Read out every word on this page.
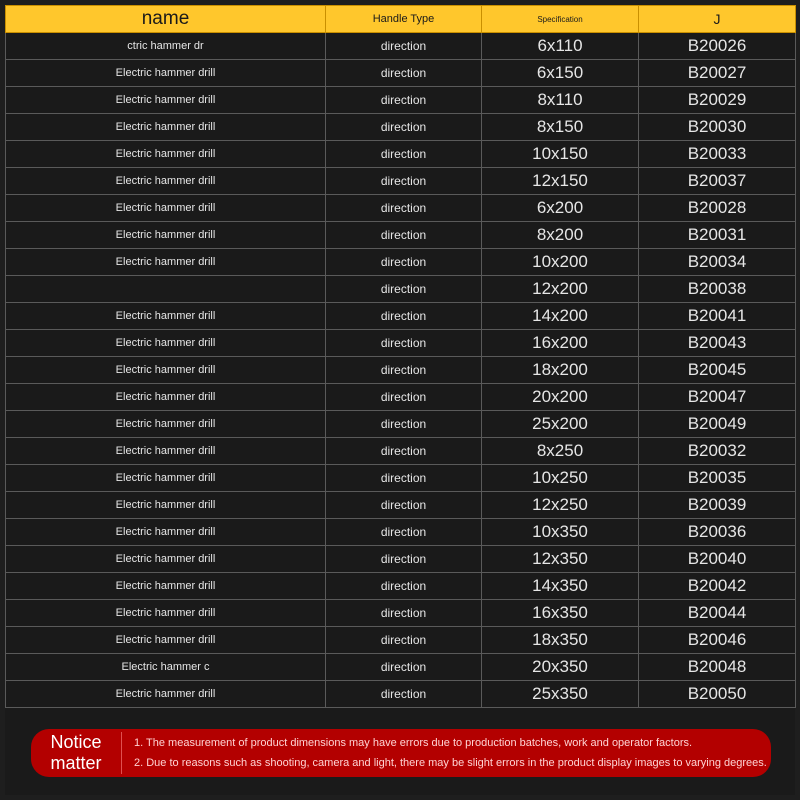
name	Handle Type	Specification	J
ctric hammer dr	direction	6x110	B20026
Electric hammer drill	direction	6x150	B20027
Electric hammer drill	direction	8x110	B20029
Electric hammer drill	direction	8x150	B20030
Electric hammer drill	direction	10x150	B20033
Electric hammer drill	direction	12x150	B20037
Electric hammer drill	direction	6x200	B20028
Electric hammer drill	direction	8x200	B20031
Electric hammer drill	direction	10x200	B20034
	direction	12x200	B20038
Electric hammer drill	direction	14x200	B20041
Electric hammer drill	direction	16x200	B20043
Electric hammer drill	direction	18x200	B20045
Electric hammer drill	direction	20x200	B20047
Electric hammer drill	direction	25x200	B20049
Electric hammer drill	direction	8x250	B20032
Electric hammer drill	direction	10x250	B20035
Electric hammer drill	direction	12x250	B20039
Electric hammer drill	direction	10x350	B20036
Electric hammer drill	direction	12x350	B20040
Electric hammer drill	direction	14x350	B20042
Electric hammer drill	direction	16x350	B20044
Electric hammer drill	direction	18x350	B20046
Electric hammer c	direction	20x350	B20048
Electric hammer drill	direction	25x350	B20050
Notice matter
1. The measurement of product dimensions may have errors due to production batches, work and operator factors.
2. Due to reasons such as shooting, camera and light, there may be slight errors in the product display images to varying degrees.
